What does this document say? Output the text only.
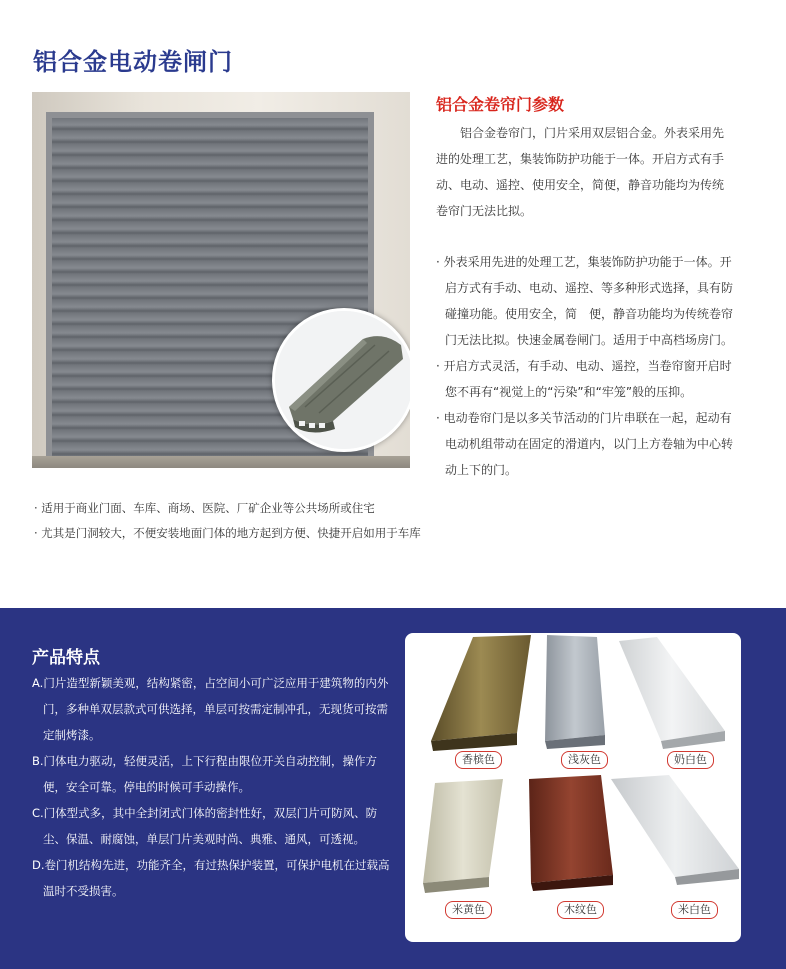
铝合金电动卷闸门
铝合金卷帘门参数

铝合金卷帘门，门片采用双层铝合金。外表采用先进的处理工艺，集装饰防护功能于一体。开启方式有手动、电动、遥控、使用安全，简便，静音功能均为传统卷帘门无法比拟。

· 外表采用先进的处理工艺，集装饰防护功能于一体。开启方式有手动、电动、遥控、等多种形式选择，具有防碰撞功能。使用安全，简　便，静音功能均为传统卷帘门无法比拟。快速金属卷闸门。适用于中高档场房门。
· 开启方式灵活，有手动、电动、遥控，当卷帘窗开启时您不再有“视觉上的“污染”和“牢笼”般的压抑。
· 电动卷帘门是以多关节活动的门片串联在一起，起动有电动机组带动在固定的滑道内，以门上方卷轴为中心转动上下的门。
· 适用于商业门面、车库、商场、医院、厂矿企业等公共场所或住宅
· 尤其是门洞较大，不便安装地面门体的地方起到方便、快捷开启如用于车库
产品特点
A.门片造型新颖美观，结构紧密，占空间小可广泛应用于建筑物的内外门，多种单双层款式可供选择，单层可按需定制冲孔，无现货可按需定制烤漆。
B.门体电力驱动，轻便灵活，上下行程由限位开关自动控制，操作方便，安全可靠。停电的时候可手动操作。
C.门体型式多，其中全封闭式门体的密封性好，双层门片可防风、防尘、保温、耐腐蚀，单层门片美观时尚、典雅、通风，可透视。
D.卷门机结构先进，功能齐全，有过热保护装置，可保护电机在过载高温时不受损害。
香槟色	浅灰色	奶白色
米黄色	木纹色	米白色
